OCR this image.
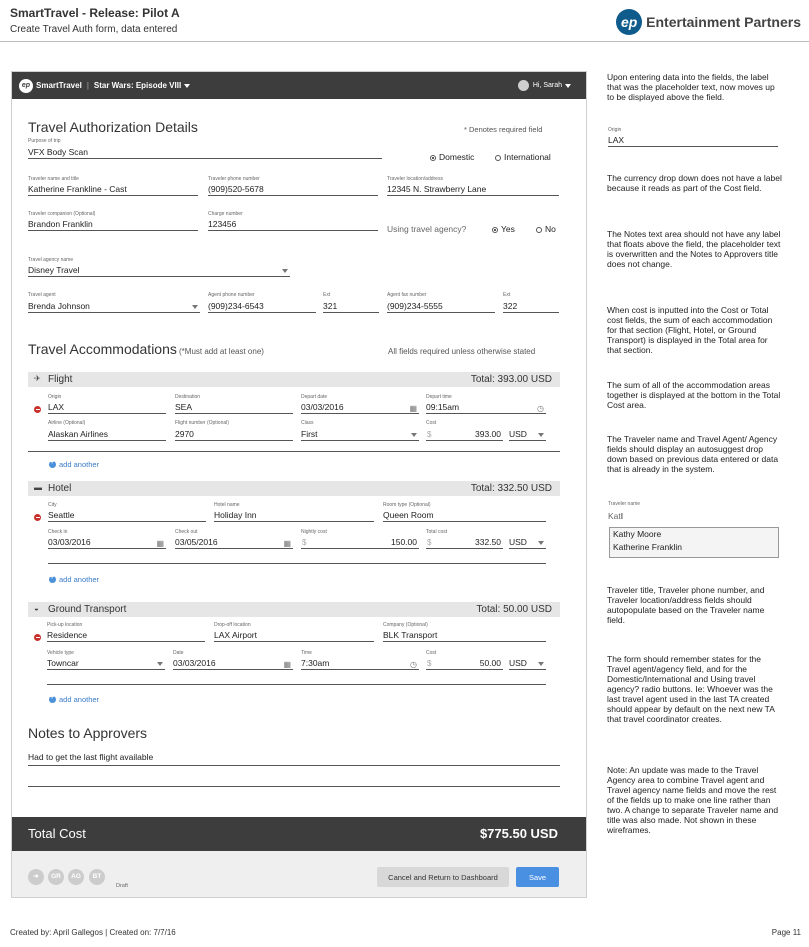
SmartTravel - Release: Pilot A
Create Travel Auth form, data entered	ep Entertainment Partners
ep SmartTravel | Star Wars: Episode VIII	Hi, Sarah
Travel Authorization Details	* Denotes required field
Purpose of trip
VFX Body Scan	Domestic	International
Traveler name and title
Katherine Frankline - Cast
Traveler phone number
(909)520-5678
Traveler location/address
12345 N. Strawberry Lane
Traveler companion (Optional)
Brandon Franklin
Charge number
123456	Using travel agency?	Yes	No
Travel agency name
Disney Travel
Travel agent
Brenda Johnson
Agent phone number
(909)234-6543
Ext
321
Agent fax number
(909)234-5555
Ext
322
Travel Accommodations (*Must add at least one)	All fields required unless otherwise stated
✈ Flight	Total: 393.00 USD
Origin
LAX
Destination
SEA
Depart date
03/03/2016	▦
Depart time
09:15am	◷
Airline (Optional)
Alaskan Airlines
Flight number (Optional)
2970
Class
First
Cost
$	393.00 USD
+
add another
▬ Hotel	Total: 332.50 USD
City
Seattle
Hotel name
Holiday Inn
Room type (Optional)
Queen Room
Check in
03/03/2016	▦
Check out
03/05/2016	▦
Nightly cost
$	150.00
Total cost
$	332.50 USD
+
add another
◒ Ground Transport	Total: 50.00 USD
Pick-up location
Residence
Drop-off location
LAX Airport
Company (Optional)
BLK Transport
Vehicle type
Towncar
Date
03/03/2016	▦
Time
7:30am	◷
Cost
$	50.00 USD
+
add another
Notes to Approvers
Had to get the last flight available
Total Cost	$775.50 USD
➜	GR	AG	BT
Draft
Cancel and Return to Dashboard	Save
Upon entering data into the fields, the label that was the placeholder text, now moves up to be displayed above the field.
Origin
LAX
The currency drop down does not have a label because it reads as part of the Cost field.
The Notes text area should not have any label that floats above the field, the placeholder text is overwritten and the Notes to Approvers title does not change.
When cost is inputted into the Cost or Total cost fields, the sum of each accommodation for that section (Flight, Hotel, or Ground Transport) is displayed in the Total area for that section.
The sum of all of the accommodation areas together is displayed at the bottom in the Total Cost area.
The Traveler name and Travel Agent/ Agency fields should display an autosuggest drop down based on previous data entered or data that is already in the system.
Traveler name
KatI
Kathy Moore
Katherine Franklin
Traveler title, Traveler phone number, and Traveler location/address fields should autopopulate based on the Traveler name field.
The form should remember states for the Travel agent/agency field, and for the Domestic/International and Using travel agency? radio buttons. Ie: Whoever was the last travel agent used in the last TA created should appear by default on the next new TA that travel coordinator creates.
Note: An update was made to the Travel Agency area to combine Travel agent and Travel agency name fields and move the rest of the fields up to make one line rather than two. A change to separate Traveler name and title was also made. Not shown in these wireframes.
Created by: April Gallegos | Created on: 7/7/16	Page 11
